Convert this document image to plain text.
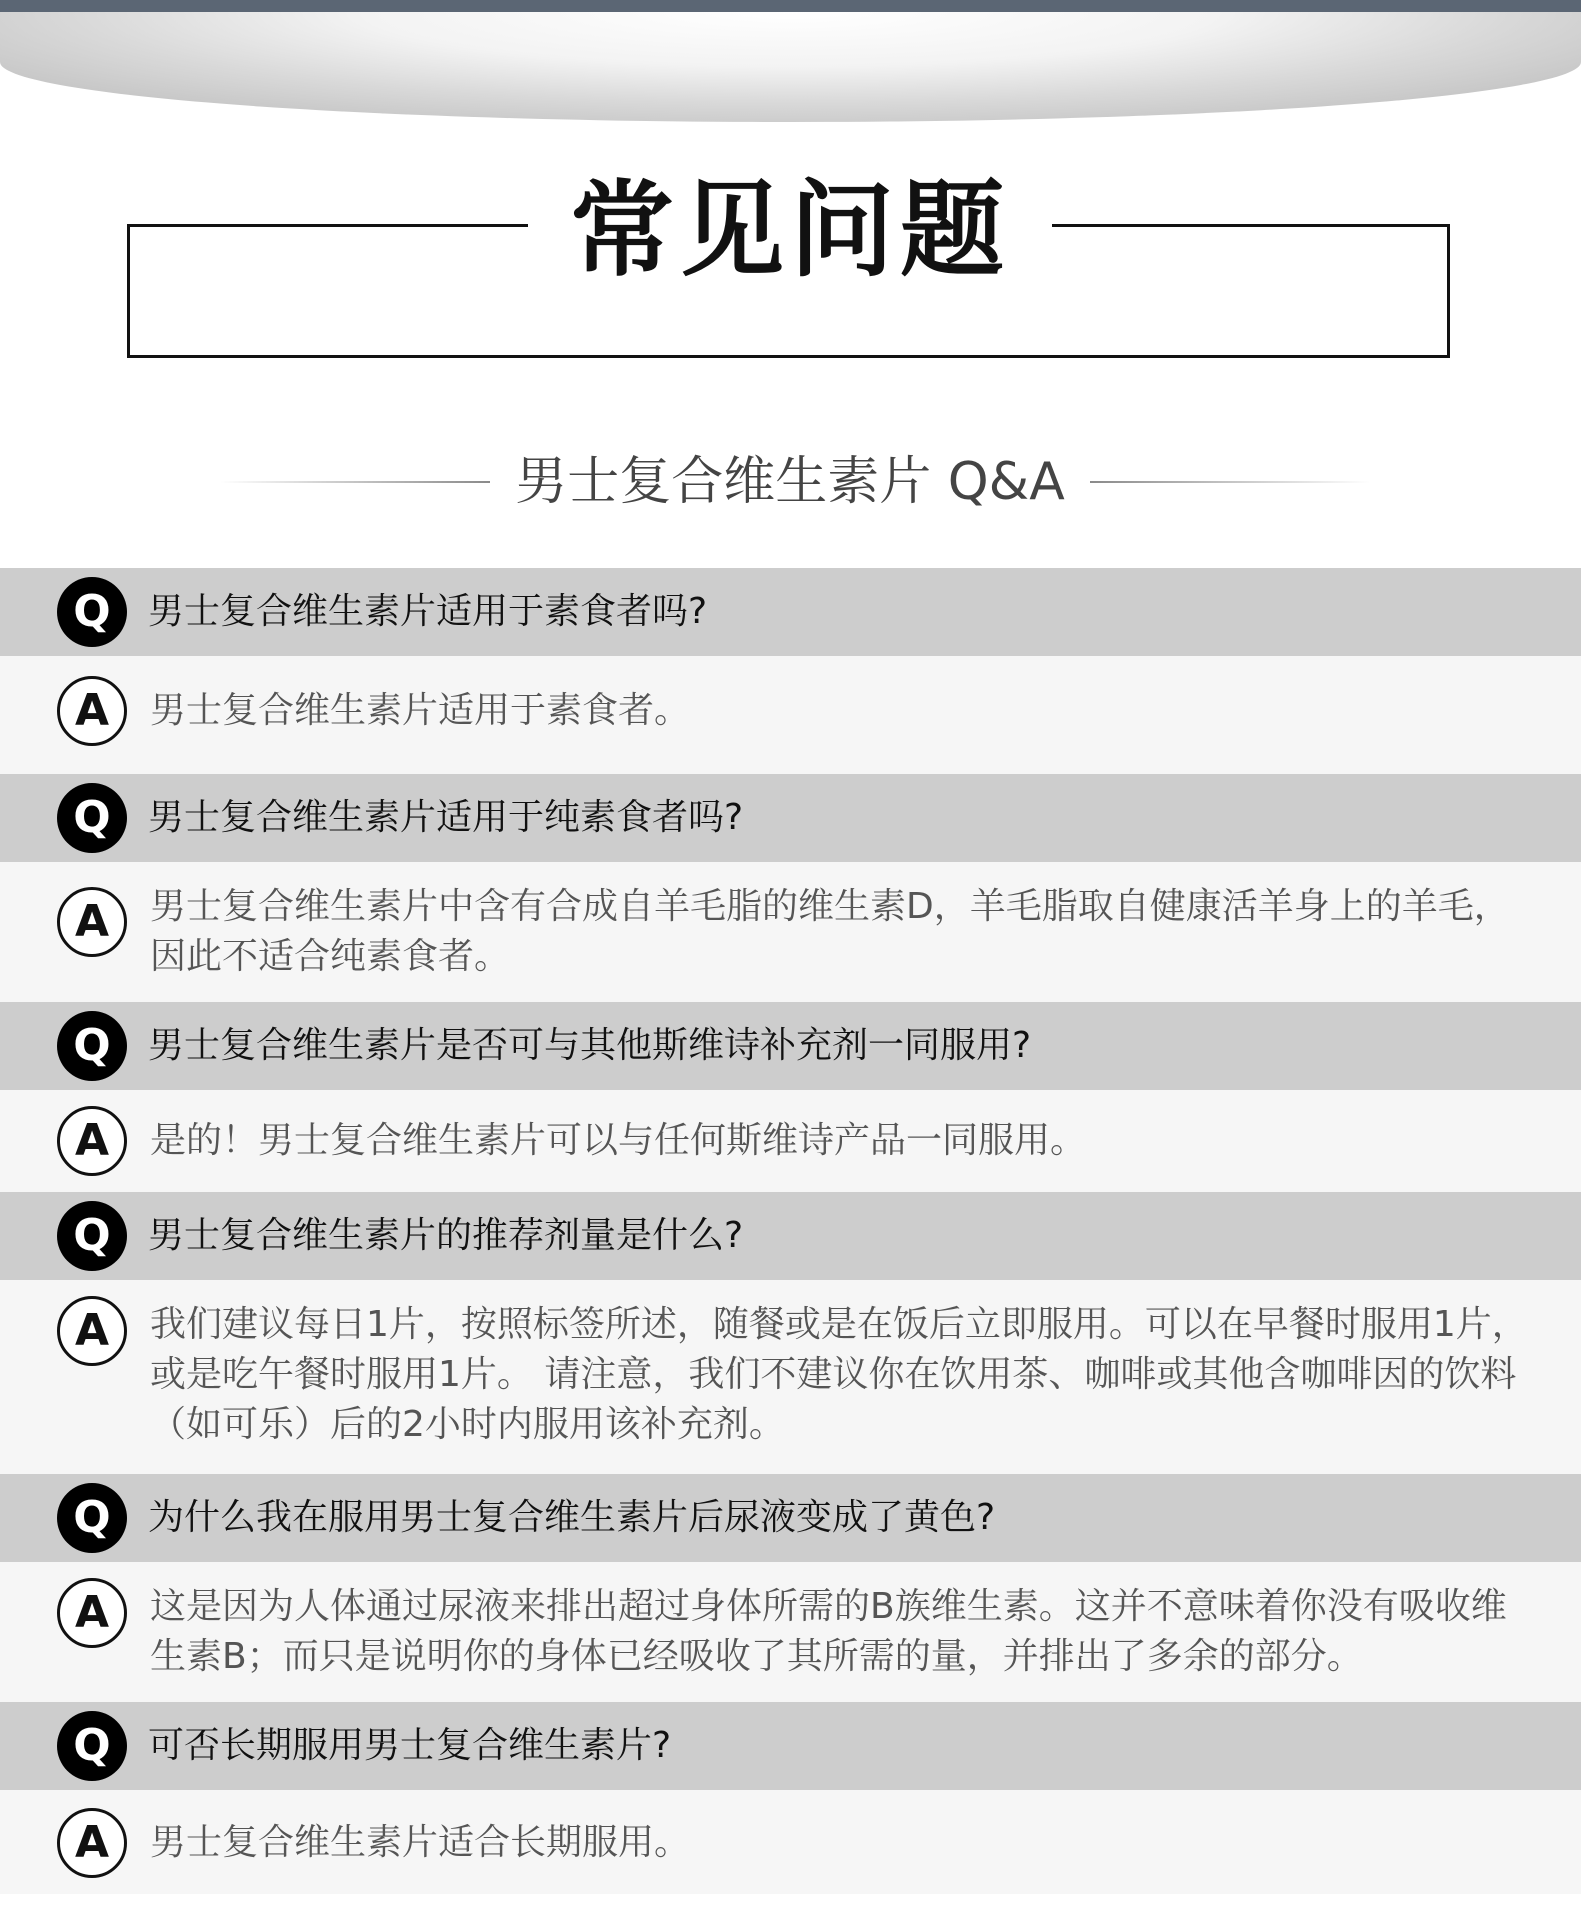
常见问题
男士复合维生素片 Q&A
Q	男士复合维生素片适用于素食者吗?
A	男士复合维生素片适用于素食者。
Q	男士复合维生素片适用于纯素食者吗?
A	男士复合维生素片中含有合成自羊毛脂的维生素D，羊毛脂取自健康活羊身上的羊毛，因此不适合纯素食者。
Q	男士复合维生素片是否可与其他斯维诗补充剂一同服用?
A	是的！男士复合维生素片可以与任何斯维诗产品一同服用。
Q	男士复合维生素片的推荐剂量是什么?
A	我们建议每日1片，按照标签所述，随餐或是在饭后立即服用。可以在早餐时服用1片，或是吃午餐时服用1片。 请注意，我们不建议你在饮用茶、咖啡或其他含咖啡因的饮料（如可乐）后的2小时内服用该补充剂。
Q	为什么我在服用男士复合维生素片后尿液变成了黄色?
A	这是因为人体通过尿液来排出超过身体所需的B族维生素。这并不意味着你没有吸收维生素B；而只是说明你的身体已经吸收了其所需的量，并排出了多余的部分。
Q	可否长期服用男士复合维生素片?
A	男士复合维生素片适合长期服用。
